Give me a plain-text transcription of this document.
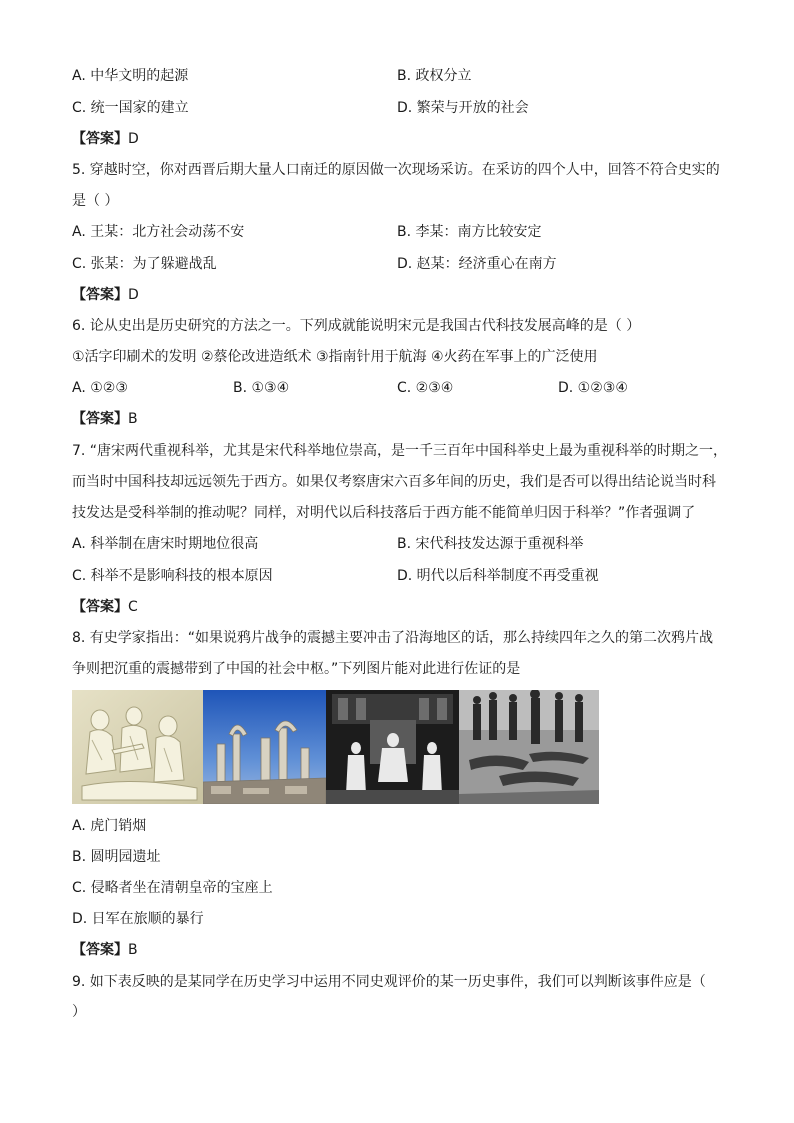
A. 中华文明的起源	B. 政权分立
C. 统一国家的建立	D. 繁荣与开放的社会
【答案】D
5. 穿越时空，你对西晋后期大量人口南迁的原因做一次现场采访。在采访的四个人中，回答不符合史实的
是（ ）
A. 王某：北方社会动荡不安	B. 李某：南方比较安定
C. 张某：为了躲避战乱	D. 赵某：经济重心在南方
【答案】D
6. 论从史出是历史研究的方法之一。下列成就能说明宋元是我国古代科技发展高峰的是（ ）
①活字印刷术的发明 ②蔡伦改进造纸术 ③指南针用于航海 ④火药在军事上的广泛使用
A. ①②③	B. ①③④	C. ②③④	D. ①②③④
【答案】B
7. “唐宋两代重视科举，尤其是宋代科举地位崇高，是一千三百年中国科举史上最为重视科举的时期之一，
而当时中国科技却远远领先于西方。如果仅考察唐宋六百多年间的历史，我们是否可以得出结论说当时科
技发达是受科举制的推动呢？同样，对明代以后科技落后于西方能不能简单归因于科举？”作者强调了
A. 科举制在唐宋时期地位很高	B. 宋代科技发达源于重视科举
C. 科举不是影响科技的根本原因	D. 明代以后科举制度不再受重视
【答案】C
8. 有史学家指出：“如果说鸦片战争的震撼主要冲击了沿海地区的话，那么持续四年之久的第二次鸦片战
争则把沉重的震撼带到了中国的社会中枢。”下列图片能对此进行佐证的是
A. 虎门销烟
B. 圆明园遗址
C. 侵略者坐在清朝皇帝的宝座上
D. 日军在旅顺的暴行
【答案】B
9. 如下表反映的是某同学在历史学习中运用不同史观评价的某一历史事件，我们可以判断该事件应是（
）
